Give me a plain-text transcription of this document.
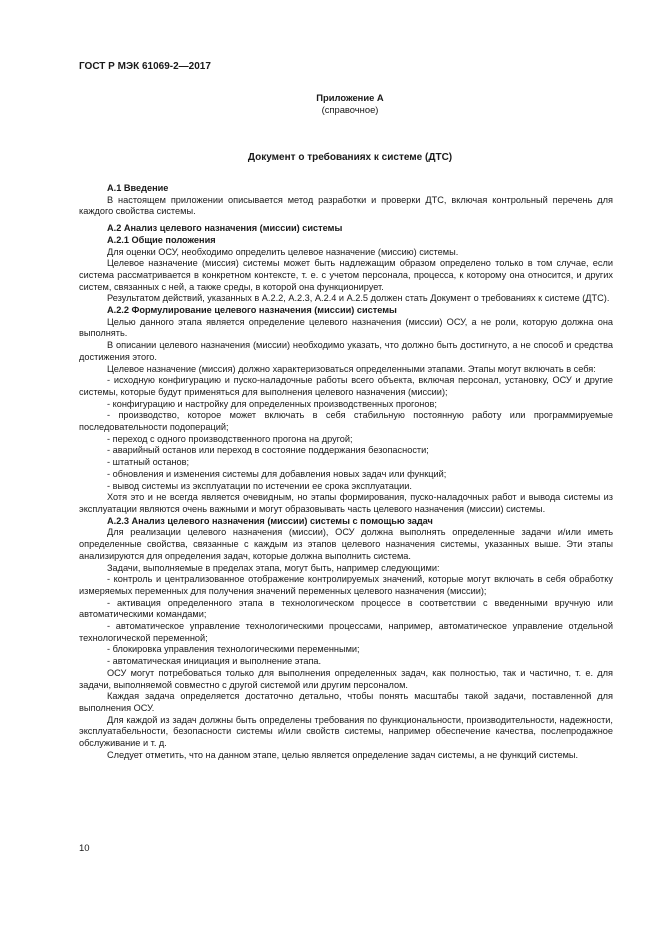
ГОСТ Р МЭК 61069-2—2017
Приложение А
(справочное)
Документ о требованиях к системе (ДТС)

А.1 Введение

В настоящем приложении описывается метод разработки и проверки ДТС, включая контрольный перечень для каждого свойства системы.

А.2 Анализ целевого назначения (миссии) системы

А.2.1 Общие положения

Для оценки ОСУ, необходимо определить целевое назначение (миссию) системы.

Целевое назначение (миссия) системы может быть надлежащим образом определено только в том случае, если система рассматривается в конкретном контексте, т. е. с учетом персонала, процесса, к которому она относится, и других систем, связанных с ней, а также среды, в которой она функционирует.

Результатом действий, указанных в А.2.2, А.2.3, А.2.4 и А.2.5 должен стать Документ о требованиях к системе (ДТС).

А.2.2 Формулирование целевого назначения (миссии) системы

Целью данного этапа является определение целевого назначения (миссии) ОСУ, а не роли, которую должна она выполнять.

В описании целевого назначения (миссии) необходимо указать, что должно быть достигнуто, а не способ и средства достижения этого.

Целевое назначение (миссия) должно характеризоваться определенными этапами. Этапы могут включать в себя:

- исходную конфигурацию и пуско-наладочные работы всего объекта, включая персонал, установку, ОСУ и другие системы, которые будут применяться для выполнения целевого назначения (миссии);

- конфигурацию и настройку для определенных производственных прогонов;

- производство, которое может включать в себя стабильную постоянную работу или программируемые последовательности подопераций;

- переход с одного производственного прогона на другой;

- аварийный останов или переход в состояние поддержания безопасности;

- штатный останов;

- обновления и изменения системы для добавления новых задач или функций;

- вывод системы из эксплуатации по истечении ее срока эксплуатации.

Хотя это и не всегда является очевидным, но этапы формирования, пуско-наладочных работ и вывода системы из эксплуатации являются очень важными и могут образовывать часть целевого назначения (миссии) системы.

А.2.3 Анализ целевого назначения (миссии) системы с помощью задач

Для реализации целевого назначения (миссии), ОСУ должна выполнять определенные задачи и/или иметь определенные свойства, связанные с каждым из этапов целевого назначения системы, указанных выше. Эти этапы анализируются для определения задач, которые должна выполнить система.

Задачи, выполняемые в пределах этапа, могут быть, например следующими:

- контроль и централизованное отображение контролируемых значений, которые могут включать в себя обработку измеряемых переменных для получения значений переменных целевого назначения (миссии);

- активация определенного этапа в технологическом процессе в соответствии с введенными вручную или автоматическими командами;

- автоматическое управление технологическими процессами, например, автоматическое управление отдельной технологической переменной;

- блокировка управления технологическими переменными;

- автоматическая инициация и выполнение этапа.

ОСУ могут потребоваться только для выполнения определенных задач, как полностью, так и частично, т. е. для задачи, выполняемой совместно с другой системой или другим персоналом.

Каждая задача определяется достаточно детально, чтобы понять масштабы такой задачи, поставленной для выполнения ОСУ.

Для каждой из задач должны быть определены требования по функциональности, производительности, надежности, эксплуатабельности, безопасности системы и/или свойств системы, например обеспечение качества, послепродажное обслуживание и т. д.

Следует отметить, что на данном этапе, целью является определение задач системы, а не функций системы.

10
